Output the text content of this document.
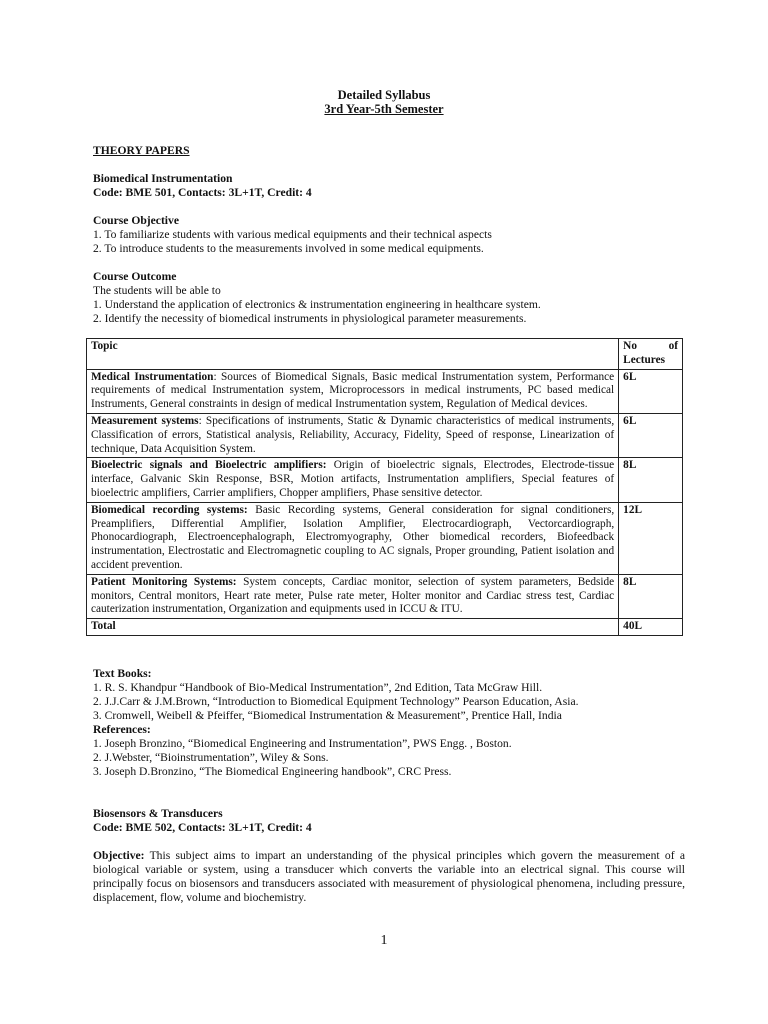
Detailed Syllabus
3rd Year-5th Semester
THEORY PAPERS
Biomedical Instrumentation
Code: BME 501, Contacts: 3L+1T, Credit: 4
Course Objective
1. To familiarize students with various medical equipments and their technical aspects
2. To introduce students to the measurements involved in some medical equipments.
Course Outcome
The students will be able to
1. Understand the application of electronics & instrumentation engineering in healthcare system.
2. Identify the necessity of biomedical instruments in physiological parameter measurements.
Topic	No of
Lectures

Medical Instrumentation: Sources of Biomedical Signals, Basic medical Instrumentation system, Performance requirements of medical Instrumentation system, Microprocessors in medical instruments, PC based medical Instruments, General constraints in design of medical Instrumentation system, Regulation of Medical devices.	6L
Measurement systems: Specifications of instruments, Static & Dynamic characteristics of medical instruments, Classification of errors, Statistical analysis, Reliability, Accuracy, Fidelity, Speed of response, Linearization of technique, Data Acquisition System.	6L
Bioelectric signals and Bioelectric amplifiers: Origin of bioelectric signals, Electrodes, Electrode-tissue interface, Galvanic Skin Response, BSR, Motion artifacts, Instrumentation amplifiers, Special features of bioelectric amplifiers, Carrier amplifiers, Chopper amplifiers, Phase sensitive detector.	8L
Biomedical recording systems: Basic Recording systems, General consideration for signal conditioners, Preamplifiers, Differential Amplifier, Isolation Amplifier, Electrocardiograph, Vectorcardiograph, Phonocardiograph, Electroencephalograph, Electromyography, Other biomedical recorders, Biofeedback instrumentation, Electrostatic and Electromagnetic coupling to AC signals, Proper grounding, Patient isolation and accident prevention.	12L
Patient Monitoring Systems: System concepts, Cardiac monitor, selection of system parameters, Bedside monitors, Central monitors, Heart rate meter, Pulse rate meter, Holter monitor and Cardiac stress test, Cardiac cauterization instrumentation, Organization and equipments used in ICCU & ITU.	8L
Total	40L
Text Books:
1. R. S. Khandpur “Handbook of Bio-Medical Instrumentation”, 2nd Edition, Tata McGraw Hill.
2. J.J.Carr & J.M.Brown, “Introduction to Biomedical Equipment Technology” Pearson Education, Asia.
3. Cromwell, Weibell & Pfeiffer, “Biomedical Instrumentation & Measurement”, Prentice Hall, India
References:
1. Joseph Bronzino, “Biomedical Engineering and Instrumentation”, PWS Engg. , Boston.
2. J.Webster, “Bioinstrumentation”, Wiley & Sons.
3. Joseph D.Bronzino, “The Biomedical Engineering handbook”, CRC Press.
Biosensors & Transducers
Code: BME 502, Contacts: 3L+1T, Credit: 4
Objective: This subject aims to impart an understanding of the physical principles which govern the measurement of a biological variable or system, using a transducer which converts the variable into an electrical signal. This course will principally focus on biosensors and transducers associated with measurement of physiological phenomena, including pressure, displacement, flow, volume and biochemistry.
1
